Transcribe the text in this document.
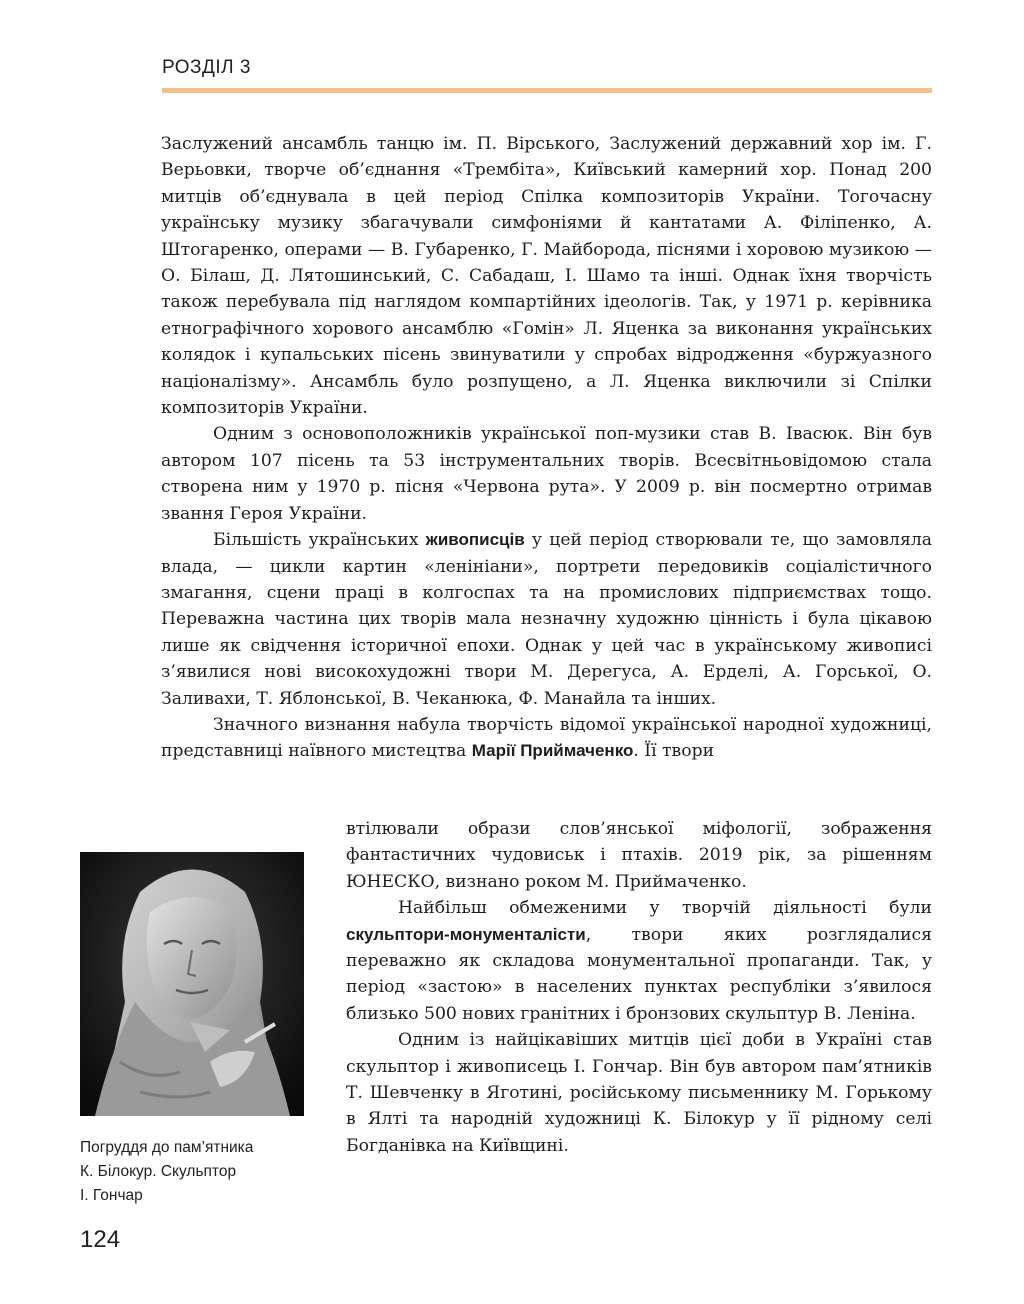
РОЗДІЛ 3

Заслужений ансамбль танцю ім. П. Вірського, Заслужений державний хор ім. Г. Верьовки, творче об’єднання «Трембіта», Київський камерний хор. Понад 200 митців об’єднувала в цей період Спілка композиторів України. Тогочасну українську музику збагачували симфоніями й кантатами А. Філіпенко, А. Штогаренко, операми — В. Губаренко, Г. Майборода, піснями і хоровою музикою — О. Білаш, Д. Лятошинський, С. Сабадаш, І. Шамо та інші. Однак їхня творчість також перебувала під наглядом компартійних ідеологів. Так, у 1971 р. керівника етнографічного хорового ансамблю «Гомін» Л. Яценка за виконання українських колядок і купальських пісень звинуватили у спробах відродження «буржуазного націоналізму». Ансамбль було розпущено, а Л. Яценка виключили зі Спілки композиторів України.

Одним з основоположників української поп-музики став В. Івасюк. Він був автором 107 пісень та 53 інструментальних творів. Всесвітньовідомою стала створена ним у 1970 р. пісня «Червона рута». У 2009 р. він посмертно отримав звання Героя України.

Більшість українських живописців у цей період створювали те, що замовляла влада, — цикли картин «ленініани», портрети передовиків соціалістичного змагання, сцени праці в колгоспах та на промислових підприємствах тощо. Переважна частина цих творів мала незначну художню цінність і була цікавою лише як свідчення історичної епохи. Однак у цей час в українському живописі з’явилися нові високохудожні твори М. Дерегуса, А. Ерделі, А. Горської, О. Заливахи, Т. Яблонської, В. Чеканюка, Ф. Манайла та інших.

Значного визнання набула творчість відомої української народної художниці, представниці наївного мистецтва Марії Приймаченко. Її твори

втілювали образи слов’янської міфології, зображення фантастичних чудовиськ і птахів. 2019 рік, за рішенням ЮНЕСКО, визнано роком М. Приймаченко.

Найбільш обмеженими у творчій діяльності були скульптори-монументалісти, твори яких розглядалися переважно як складова монументальної пропаганди. Так, у період «застою» в населених пунктах республіки з’явилося близько 500 нових гранітних і бронзових скульптур В. Леніна.

Одним із найцікавіших митців цієї доби в Україні став скульптор і живописець І. Гончар. Він був автором пам’ятників Т. Шевченку в Яготині, російському письменнику М. Горькому в Ялті та народній художниці К. Білокур у її рідному селі Богданівка на Київщині.

Погруддя до пам’ятника
К. Білокур. Скульптор
І. Гончар
124
